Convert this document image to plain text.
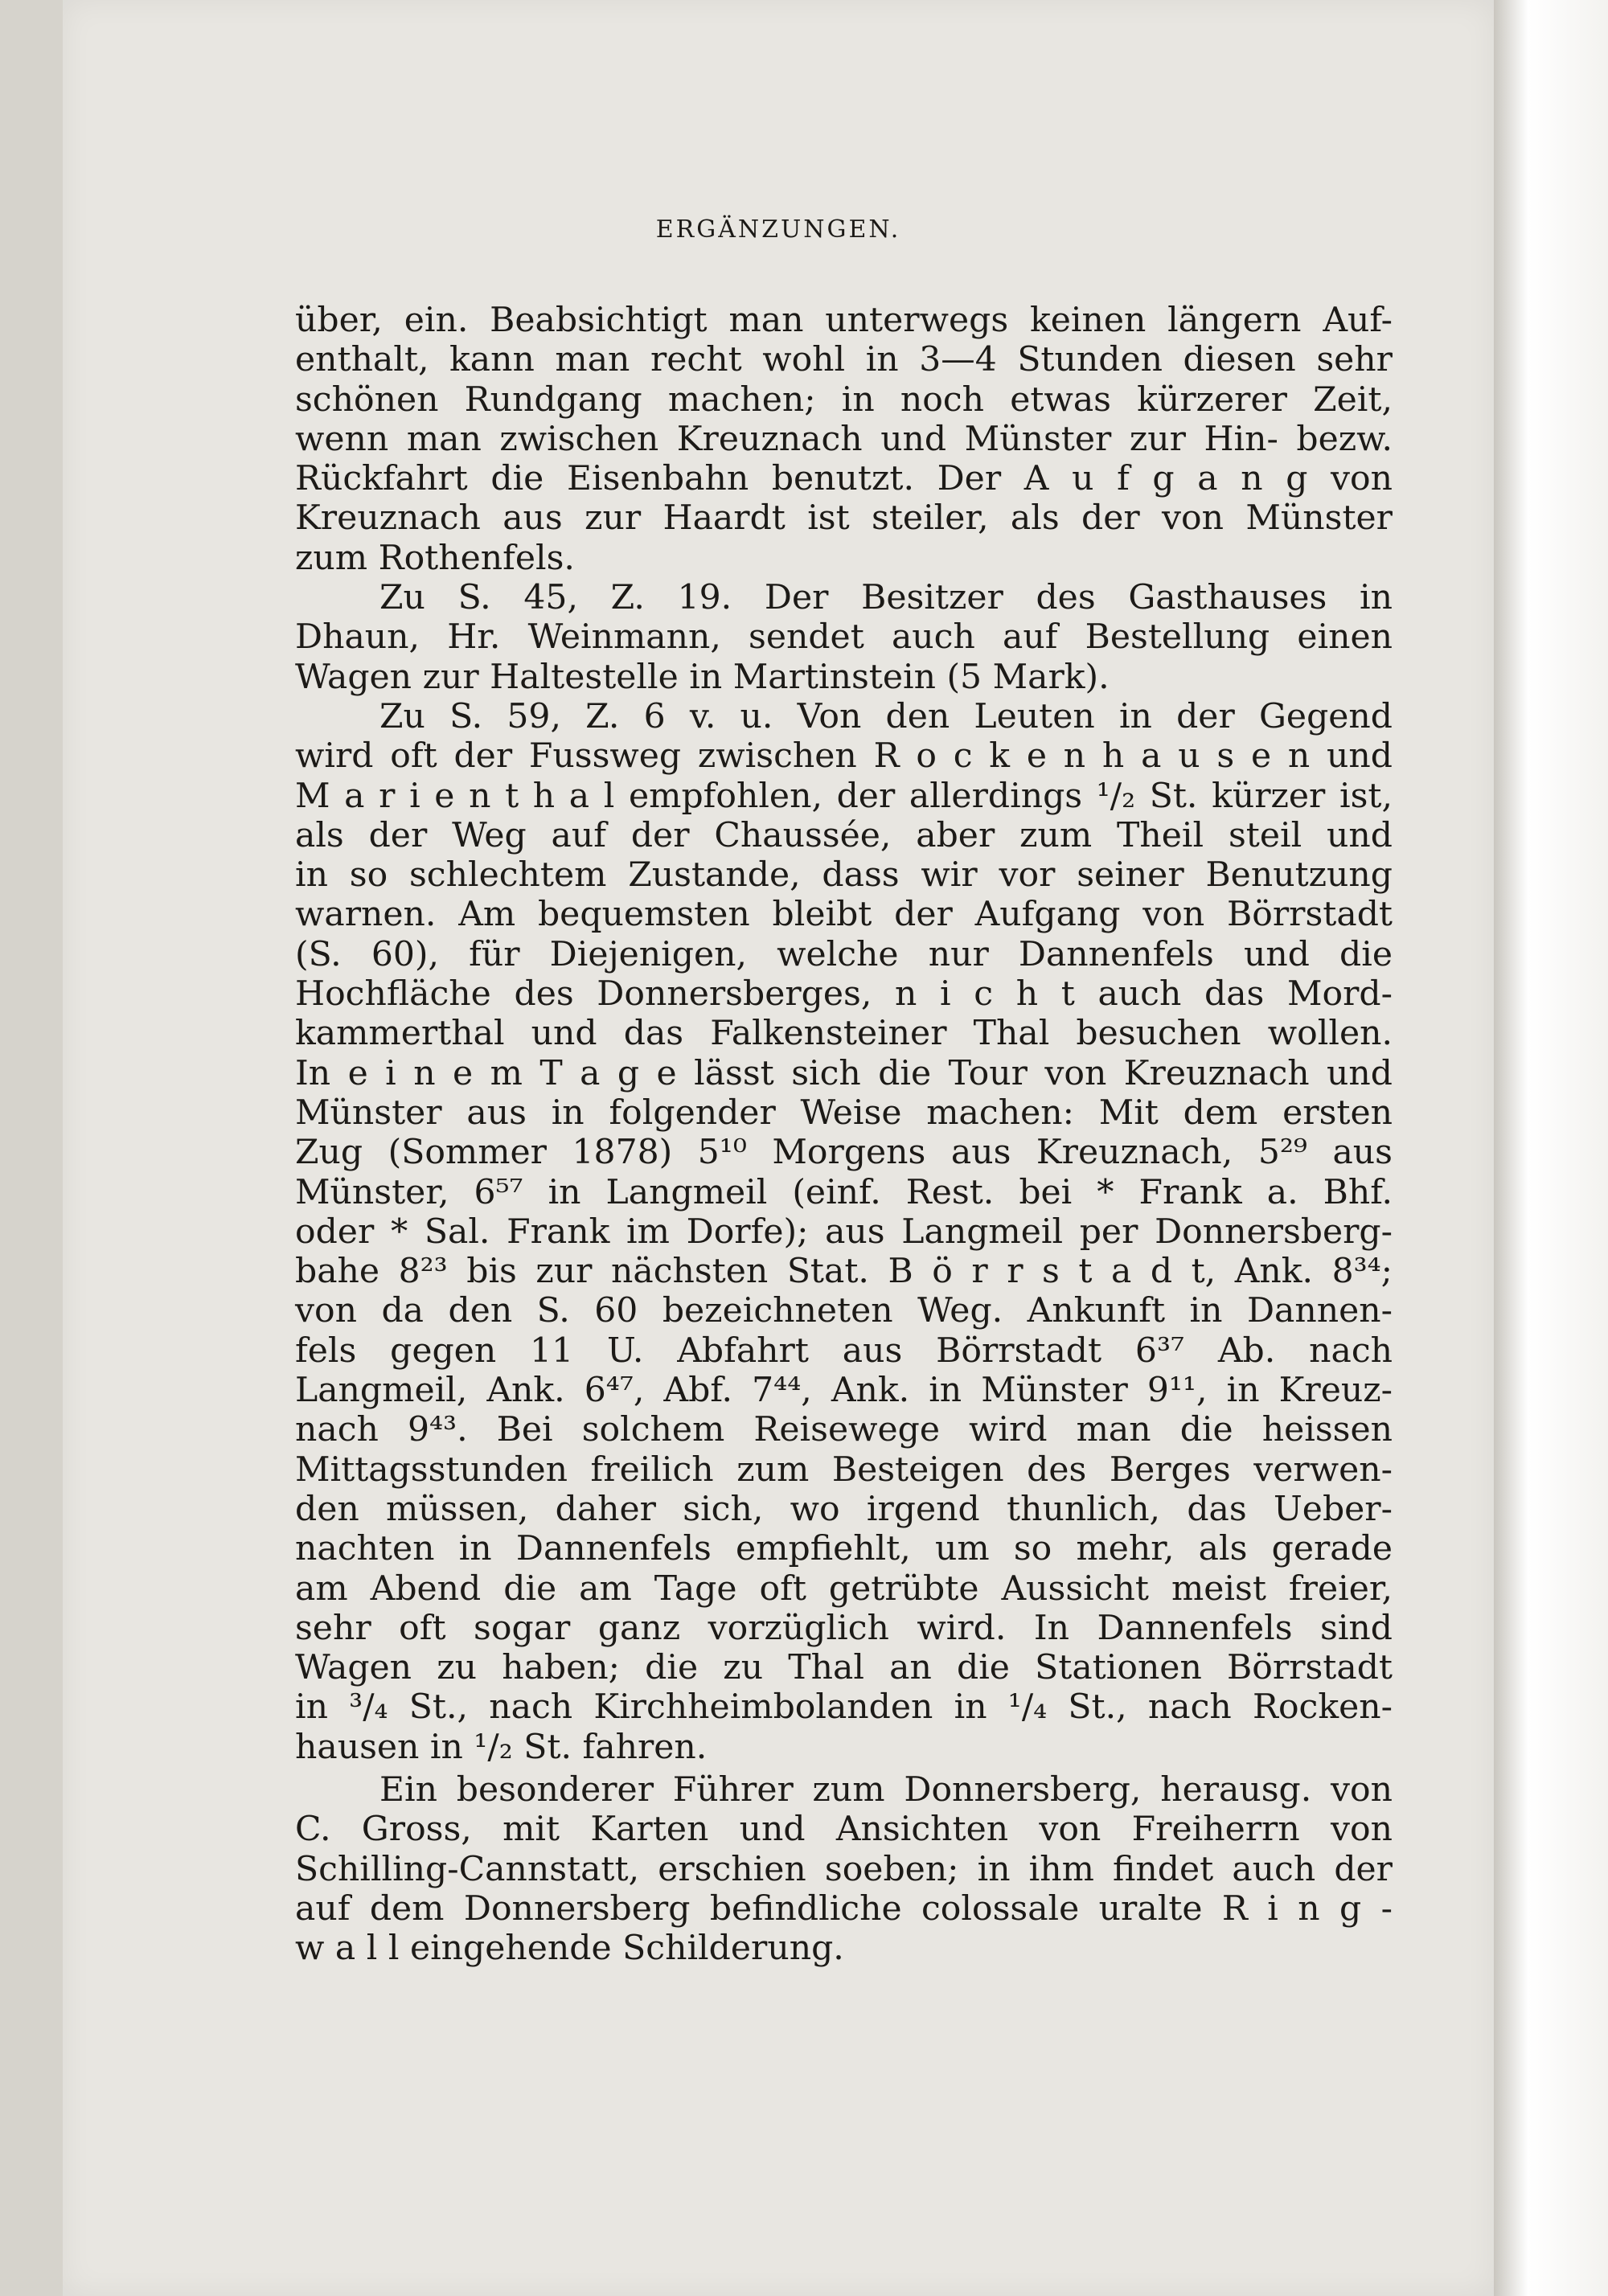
ERGÄNZUNGEN.
über, ein. Beabsichtigt man unterwegs keinen längern Auf-
enthalt, kann man recht wohl in 3—4 Stunden diesen sehr
schönen Rundgang machen; in noch etwas kürzerer Zeit,
wenn man zwischen Kreuznach und Münster zur Hin- bezw.
Rückfahrt die Eisenbahn benutzt. Der A u f g a n g von
Kreuznach aus zur Haardt ist steiler, als der von Münster
zum Rothenfels.
Zu S. 45, Z. 19. Der Besitzer des Gasthauses in
Dhaun, Hr. Weinmann, sendet auch auf Bestellung einen
Wagen zur Haltestelle in Martinstein (5 Mark).
Zu S. 59, Z. 6 v. u. Von den Leuten in der Gegend
wird oft der Fussweg zwischen R o c k e n h a u s e n und
M a r i e n t h a l empfohlen, der allerdings ¹/₂ St. kürzer ist,
als der Weg auf der Chaussée, aber zum Theil steil und
in so schlechtem Zustande, dass wir vor seiner Benutzung
warnen. Am bequemsten bleibt der Aufgang von Börrstadt
(S. 60), für Diejenigen, welche nur Dannenfels und die
Hochfläche des Donnersberges, n i c h t auch das Mord-
kammerthal und das Falkensteiner Thal besuchen wollen.
In e i n e m T a g e lässt sich die Tour von Kreuznach und
Münster aus in folgender Weise machen: Mit dem ersten
Zug (Sommer 1878) 5¹⁰ Morgens aus Kreuznach, 5²⁹ aus
Münster, 6⁵⁷ in Langmeil (einf. Rest. bei * Frank a. Bhf.
oder * Sal. Frank im Dorfe); aus Langmeil per Donnersberg-
bahe 8²³ bis zur nächsten Stat. B ö r r s t a d t, Ank. 8³⁴;
von da den S. 60 bezeichneten Weg. Ankunft in Dannen-
fels gegen 11 U. Abfahrt aus Börrstadt 6³⁷ Ab. nach
Langmeil, Ank. 6⁴⁷, Abf. 7⁴⁴, Ank. in Münster 9¹¹, in Kreuz-
nach 9⁴³. Bei solchem Reisewege wird man die heissen
Mittagsstunden freilich zum Besteigen des Berges verwen-
den müssen, daher sich, wo irgend thunlich, das Ueber-
nachten in Dannenfels empfiehlt, um so mehr, als gerade
am Abend die am Tage oft getrübte Aussicht meist freier,
sehr oft sogar ganz vorzüglich wird. In Dannenfels sind
Wagen zu haben; die zu Thal an die Stationen Börrstadt
in ³/₄ St., nach Kirchheimbolanden in ¹/₄ St., nach Rocken-
hausen in ¹/₂ St. fahren.
Ein besonderer Führer zum Donnersberg, herausg. von
C. Gross, mit Karten und Ansichten von Freiherrn von
Schilling-Cannstatt, erschien soeben; in ihm findet auch der
auf dem Donnersberg befindliche colossale uralte R i n g -
w a l l eingehende Schilderung.
